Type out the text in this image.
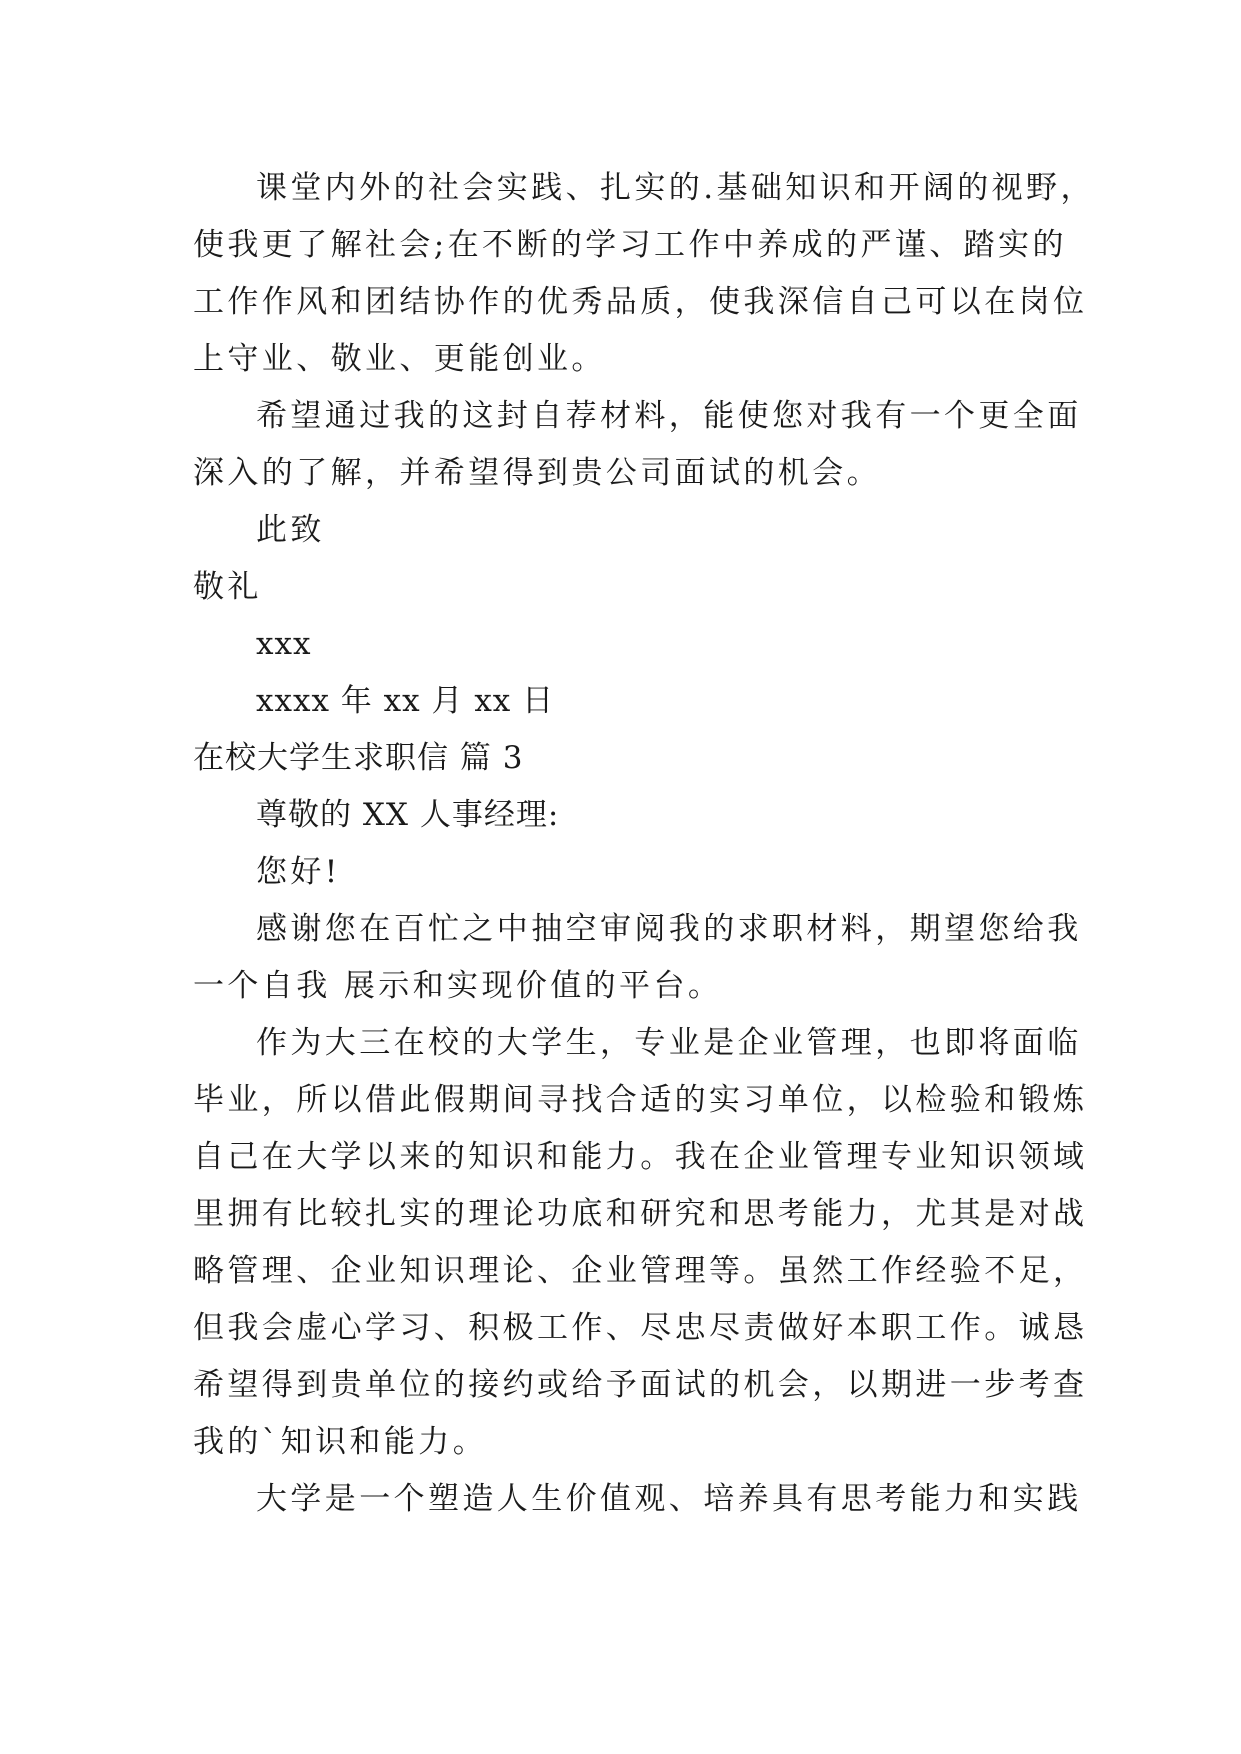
课堂内外的社会实践、扎实的.基础知识和开阔的视野，
使我更了解社会;在不断的学习工作中养成的严谨、踏实的
工作作风和团结协作的优秀品质，使我深信自己可以在岗位
上守业、敬业、更能创业。
希望通过我的这封自荐材料，能使您对我有一个更全面
深入的了解，并希望得到贵公司面试的机会。
此致
敬礼
xxx
xxxx 年 xx 月 xx 日
在校大学生求职信 篇 3
尊敬的 XX 人事经理:
您好!
感谢您在百忙之中抽空审阅我的求职材料，期望您给我
一个自我 展示和实现价值的平台。
作为大三在校的大学生，专业是企业管理，也即将面临
毕业，所以借此假期间寻找合适的实习单位，以检验和锻炼
自己在大学以来的知识和能力。我在企业管理专业知识领域
里拥有比较扎实的理论功底和研究和思考能力，尤其是对战
略管理、企业知识理论、企业管理等。虽然工作经验不足，
但我会虚心学习、积极工作、尽忠尽责做好本职工作。诚恳
希望得到贵单位的接约或给予面试的机会，以期进一步考查
我的`知识和能力。
大学是一个塑造人生价值观、培养具有思考能力和实践
